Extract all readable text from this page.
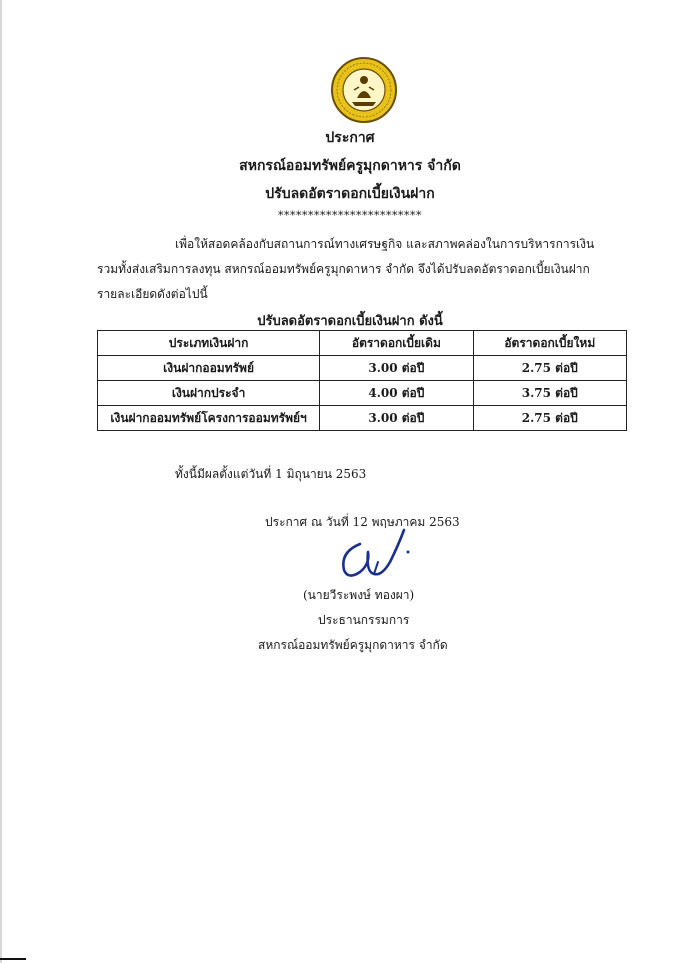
ประกาศ
สหกรณ์ออมทรัพย์ครูมุกดาหาร จำกัด
ปรับลดอัตราดอกเบี้ยเงินฝาก
************************
เพื่อให้สอดคล้องกับสถานการณ์ทางเศรษฐกิจ และสภาพคล่องในการบริหารการเงิน
รวมทั้งส่งเสริมการลงทุน สหกรณ์ออมทรัพย์ครูมุกดาหาร จำกัด จึงได้ปรับลดอัตราดอกเบี้ยเงินฝาก
รายละเอียดดังต่อไปนี้
ปรับลดอัตราดอกเบี้ยเงินฝาก ดังนี้
ประเภทเงินฝาก	อัตราดอกเบี้ยเดิม	อัตราดอกเบี้ยใหม่
เงินฝากออมทรัพย์	3.00 ต่อปี	2.75 ต่อปี
เงินฝากประจำ	4.00 ต่อปี	3.75 ต่อปี
เงินฝากออมทรัพย์โครงการออมทรัพย์ฯ	3.00 ต่อปี	2.75 ต่อปี
ทั้งนี้มีผลตั้งแต่วันที่ 1 มิถุนายน 2563
ประกาศ ณ วันที่ 12 พฤษภาคม 2563
(นายวีระพงษ์ ทองผา)
ประธานกรรมการ
สหกรณ์ออมทรัพย์ครูมุกดาหาร จำกัด
